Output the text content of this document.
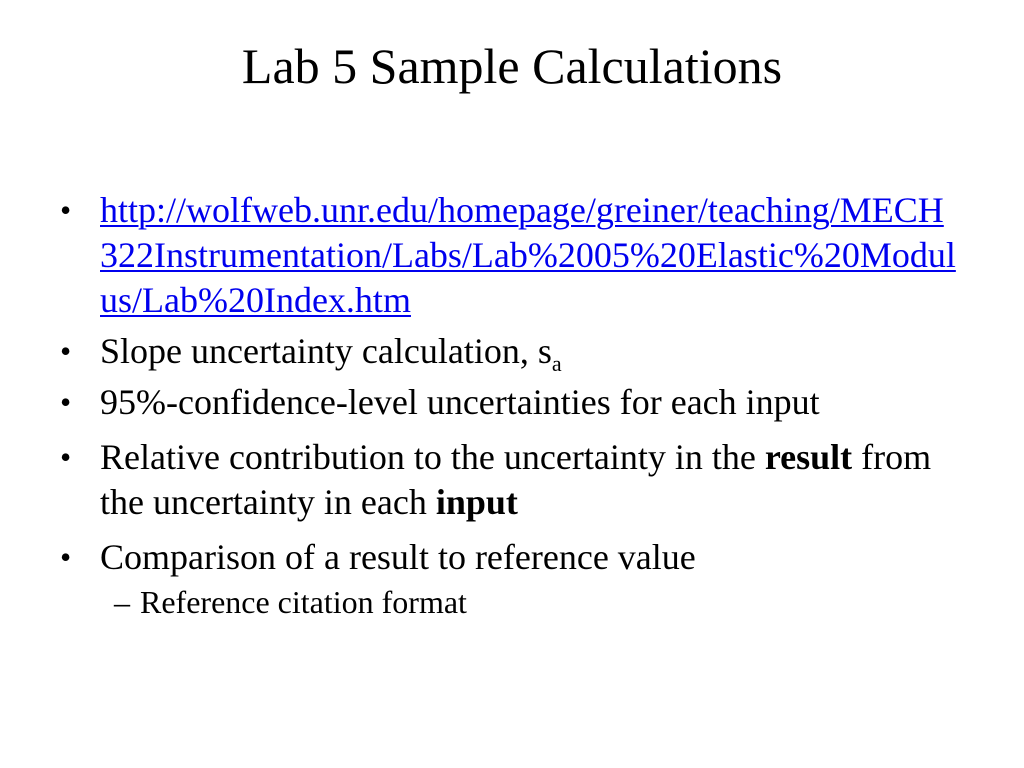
Lab 5 Sample Calculations
• http://wolfweb.unr.edu/homepage/greiner/teaching/MECH322Instrumentation/Labs/Lab%2005%20Elastic%20Modulus/Lab%20Index.htm
• Slope uncertainty calculation, $s_a$
• 95%-confidence-level uncertainties for each input
• Relative contribution to the uncertainty in the result from the uncertainty in each input
• Comparison of a result to reference value
– Reference citation format
